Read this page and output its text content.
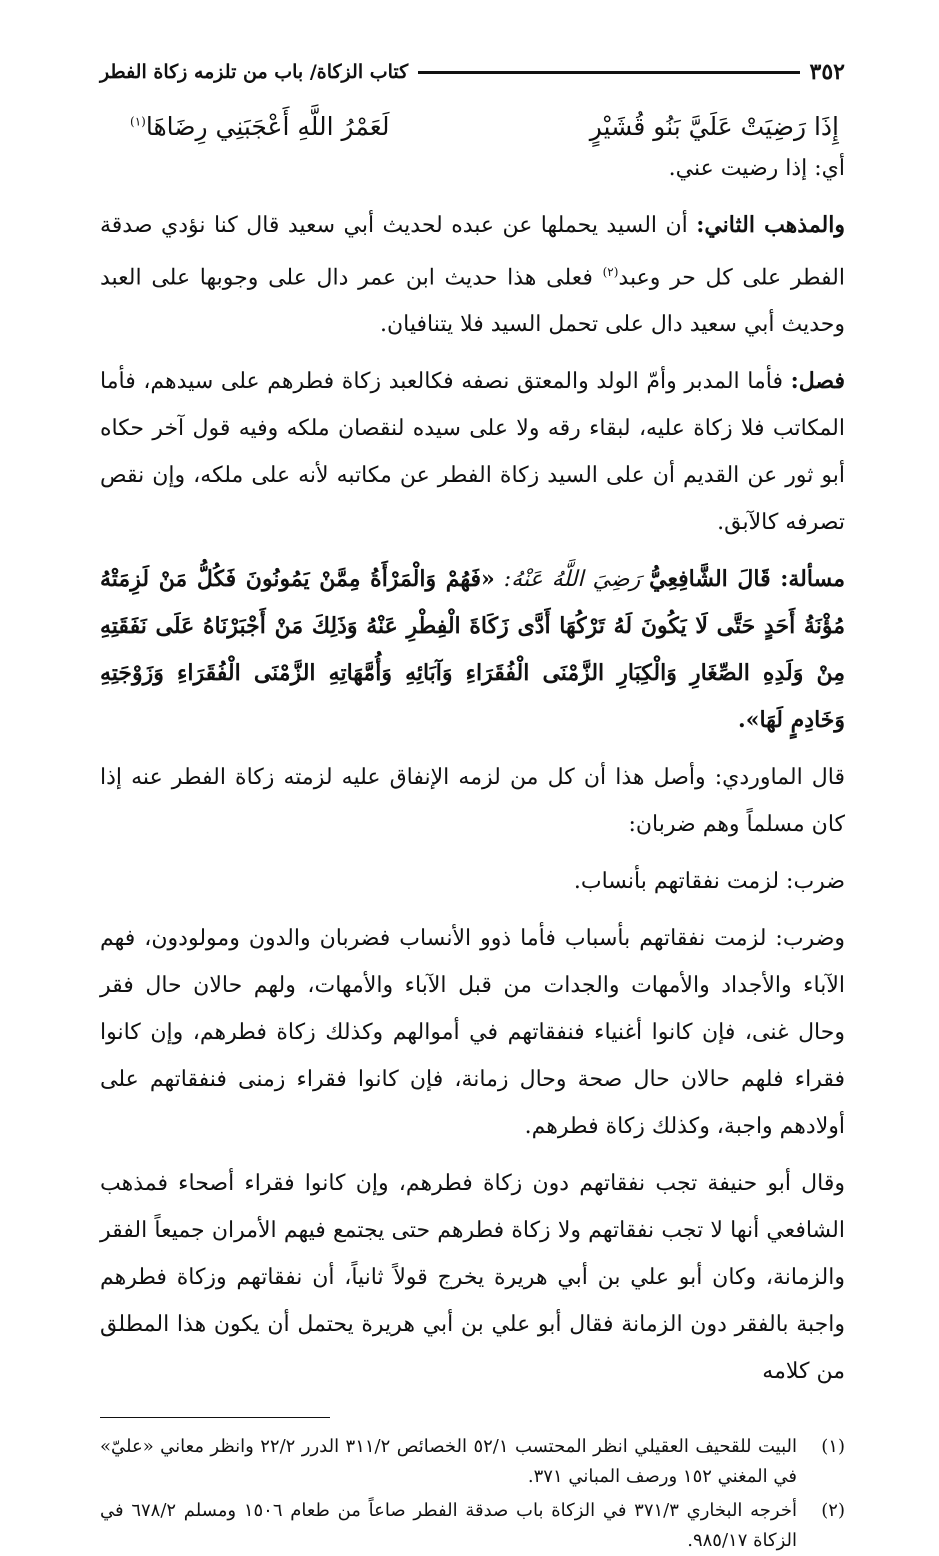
٣٥٢
كتاب الزكاة/ باب من تلزمه زكاة الفطر
إِذَا رَضِيَتْ عَلَيَّ بَنُو قُشَيْرٍ
لَعَمْرُ اللَّهِ أَعْجَبَنِي رِضَاهَا$^{(١)}$

أي: إذا رضيت عني.

والمذهب الثاني: أن السيد يحملها عن عبده لحديث أبي سعيد قال كنا نؤدي صدقة الفطر على كل حر وعبد$^{(٢)}$ فعلى هذا حديث ابن عمر دال على وجوبها على العبد وحديث أبي سعيد دال على تحمل السيد فلا يتنافيان.

فصل: فأما المدبر وأمّ الولد والمعتق نصفه فكالعبد زكاة فطرهم على سيدهم، فأما المكاتب فلا زكاة عليه، لبقاء رقه ولا على سيده لنقصان ملكه وفيه قول آخر حكاه أبو ثور عن القديم أن على السيد زكاة الفطر عن مكاتبه لأنه على ملكه، وإن نقص تصرفه كالآبق.

مسألة: قَالَ الشَّافِعِيُّ رَضِيَ اللَّهُ عَنْهُ: «فَهُمْ وَالْمَرْأَةُ مِمَّنْ يَمُونُونَ فَكُلُّ مَنْ لَزِمَتْهُ مُؤْنَةُ أَحَدٍ حَتَّى لَا يَكُونَ لَهُ تَرْكُهَا أَدَّى زَكَاةَ الْفِطْرِ عَنْهُ وَذَلِكَ مَنْ أَجْبَرْنَاهُ عَلَى نَفَقَتِهِ مِنْ وَلَدِهِ الصِّغَارِ وَالْكِبَارِ الزَّمْنَى الْفُقَرَاءِ وَآبَائِهِ وَأُمَّهَاتِهِ الزَّمْنَى الْفُقَرَاءِ وَزَوْجَتِهِ وَخَادِمٍ لَهَا».

قال الماوردي: وأصل هذا أن كل من لزمه الإنفاق عليه لزمته زكاة الفطر عنه إذا كان مسلماً وهم ضربان:

ضرب: لزمت نفقاتهم بأنساب.

وضرب: لزمت نفقاتهم بأسباب فأما ذوو الأنساب فضربان والدون ومولودون، فهم الآباء والأجداد والأمهات والجدات من قبل الآباء والأمهات، ولهم حالان حال فقر وحال غنى، فإن كانوا أغنياء فنفقاتهم في أموالهم وكذلك زكاة فطرهم، وإن كانوا فقراء فلهم حالان حال صحة وحال زمانة، فإن كانوا فقراء زمنى فنفقاتهم على أولادهم واجبة، وكذلك زكاة فطرهم.

وقال أبو حنيفة تجب نفقاتهم دون زكاة فطرهم، وإن كانوا فقراء أصحاء فمذهب الشافعي أنها لا تجب نفقاتهم ولا زكاة فطرهم حتى يجتمع فيهم الأمران جميعاً الفقر والزمانة، وكان أبو علي بن أبي هريرة يخرج قولاً ثانياً، أن نفقاتهم وزكاة فطرهم واجبة بالفقر دون الزمانة فقال أبو علي بن أبي هريرة يحتمل أن يكون هذا المطلق من كلامه

(١)
البيت للقحيف العقيلي انظر المحتسب ٥٢/١ الخصائص ٣١١/٢ الدرر ٢٢/٢ وانظر معاني «عليّ» في المغني ١٥٢ ورصف المباني ٣٧١.
(٢)
أخرجه البخاري ٣٧١/٣ في الزكاة باب صدقة الفطر صاعاً من طعام ١٥٠٦ ومسلم ٦٧٨/٢ في الزكاة ٩٨٥/١٧.
